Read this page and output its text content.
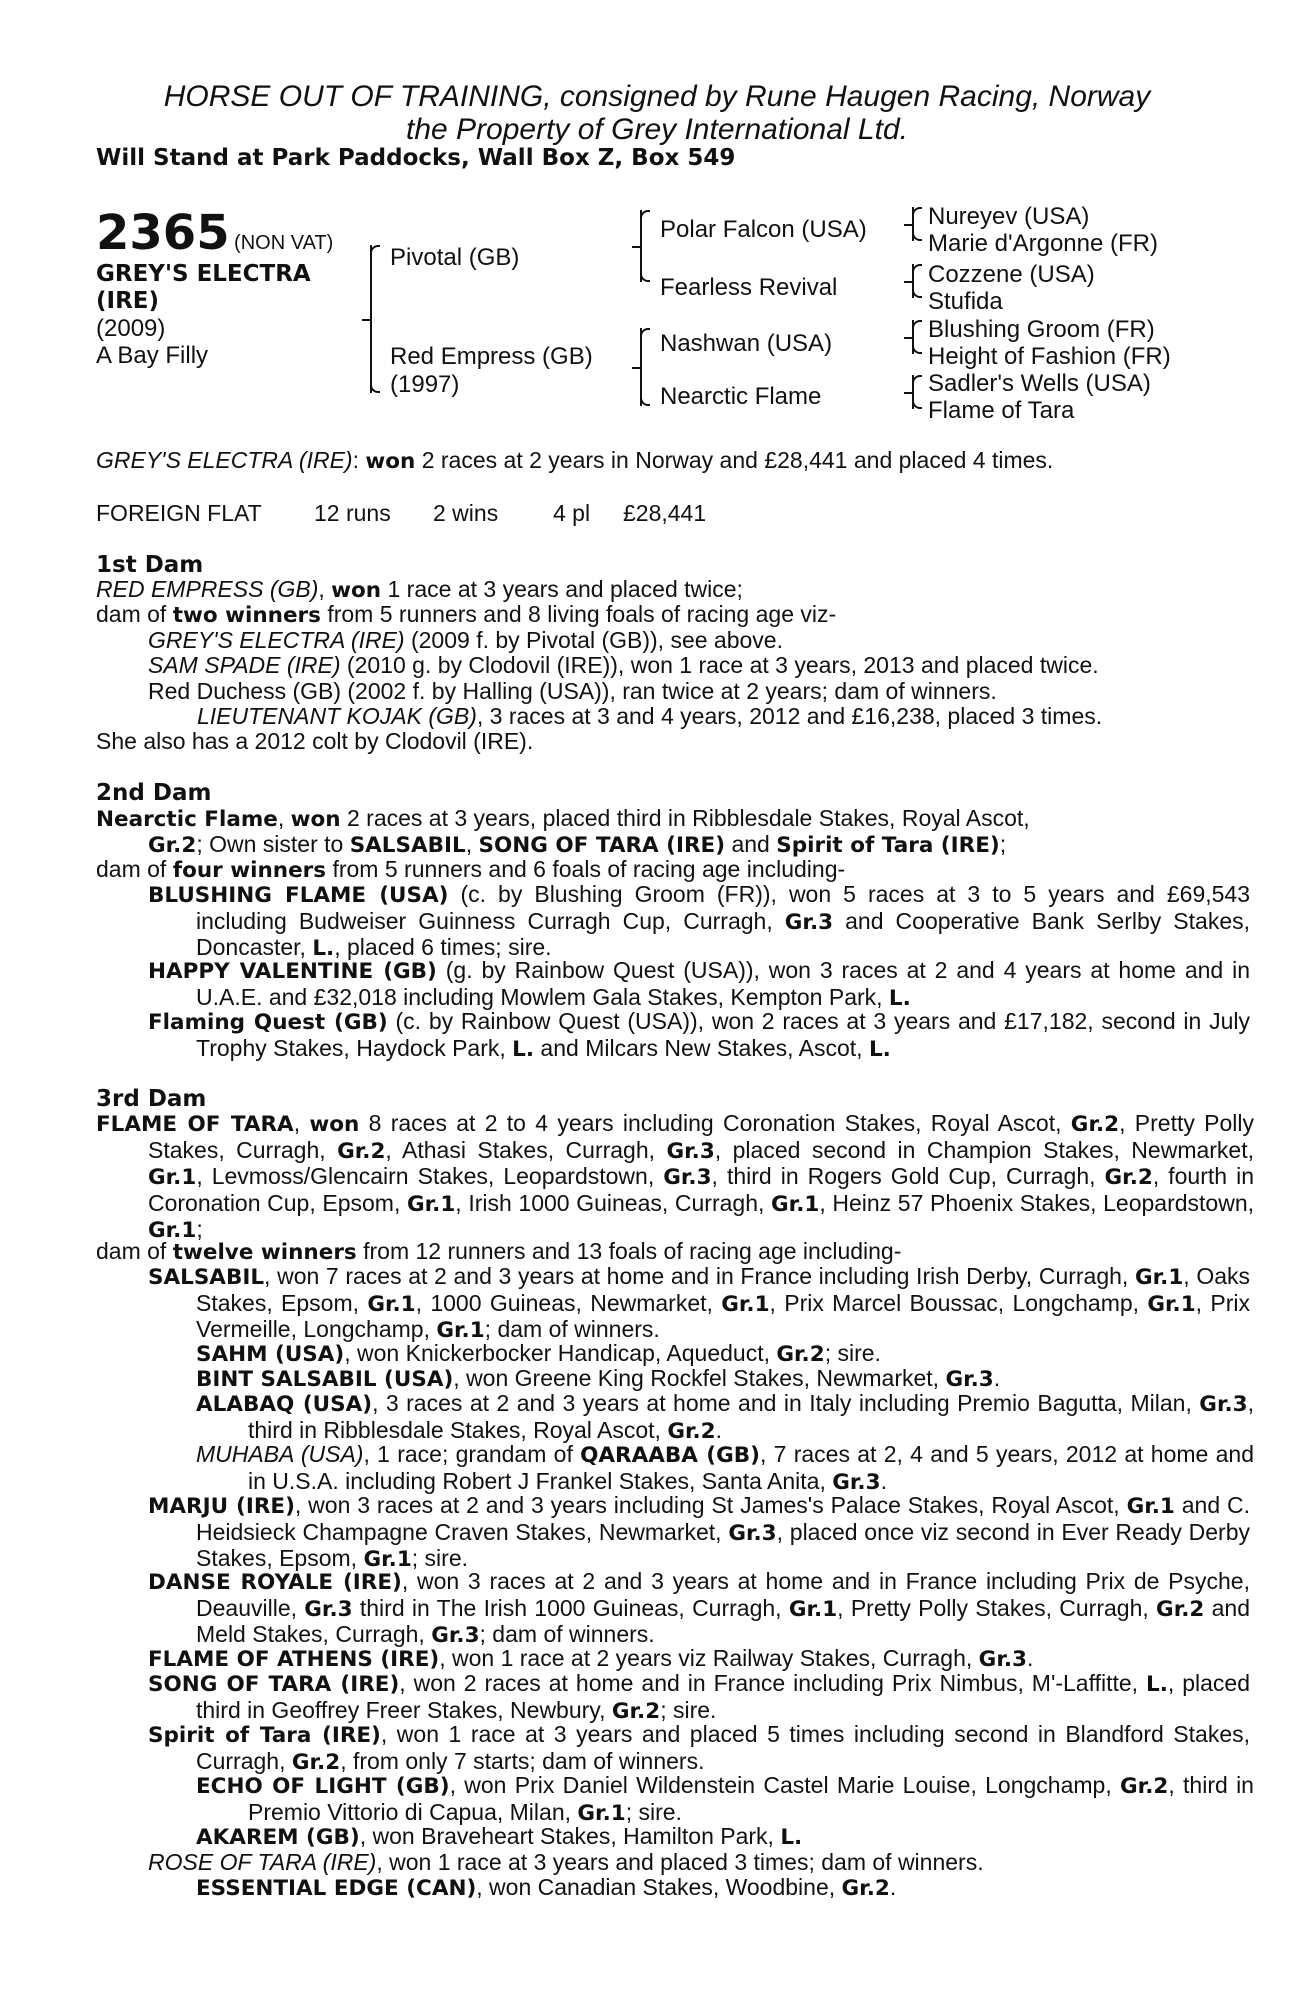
HORSE OUT OF TRAINING, consigned by Rune Haugen Racing, Norway
the Property of Grey International Ltd.
Will Stand at Park Paddocks, Wall Box Z, Box 549
2365 (NON VAT)
GREY'S ELECTRA
(IRE)
(2009)
A Bay Filly
Pivotal (GB)
Red Empress (GB)
(1997)
Polar Falcon (USA)
Fearless Revival
Nashwan (USA)
Nearctic Flame
Nureyev (USA)
Marie d'Argonne (FR)
Cozzene (USA)
Stufida
Blushing Groom (FR)
Height of Fashion (FR)
Sadler's Wells (USA)
Flame of Tara
GREY'S ELECTRA (IRE): won 2 races at 2 years in Norway and £28,441 and placed 4 times.
FOREIGN FLAT 12 runs 2 wins 4 pl £28,441
1st Dam
RED EMPRESS (GB), won 1 race at 3 years and placed twice;
dam of two winners from 5 runners and 8 living foals of racing age viz-
GREY'S ELECTRA (IRE) (2009 f. by Pivotal (GB)), see above.
SAM SPADE (IRE) (2010 g. by Clodovil (IRE)), won 1 race at 3 years, 2013 and placed twice.
Red Duchess (GB) (2002 f. by Halling (USA)), ran twice at 2 years; dam of winners.
LIEUTENANT KOJAK (GB), 3 races at 3 and 4 years, 2012 and £16,238, placed 3 times.
She also has a 2012 colt by Clodovil (IRE).
2nd Dam
Nearctic Flame, won 2 races at 3 years, placed third in Ribblesdale Stakes, Royal Ascot,
Gr.2; Own sister to SALSABIL, SONG OF TARA (IRE) and Spirit of Tara (IRE);
dam of four winners from 5 runners and 6 foals of racing age including-
BLUSHING FLAME (USA) (c. by Blushing Groom (FR)), won 5 races at 3 to 5 years and £69,543 including Budweiser Guinness Curragh Cup, Curragh, Gr.3 and Cooperative Bank Serlby Stakes, Doncaster, L., placed 6 times; sire.
HAPPY VALENTINE (GB) (g. by Rainbow Quest (USA)), won 3 races at 2 and 4 years at home and in U.A.E. and £32,018 including Mowlem Gala Stakes, Kempton Park, L.
Flaming Quest (GB) (c. by Rainbow Quest (USA)), won 2 races at 3 years and £17,182, second in July Trophy Stakes, Haydock Park, L. and Milcars New Stakes, Ascot, L.
3rd Dam
FLAME OF TARA, won 8 races at 2 to 4 years including Coronation Stakes, Royal Ascot, Gr.2, Pretty Polly Stakes, Curragh, Gr.2, Athasi Stakes, Curragh, Gr.3, placed second in Champion Stakes, Newmarket, Gr.1, Levmoss/Glencairn Stakes, Leopardstown, Gr.3, third in Rogers Gold Cup, Curragh, Gr.2, fourth in Coronation Cup, Epsom, Gr.1, Irish 1000 Guineas, Curragh, Gr.1, Heinz 57 Phoenix Stakes, Leopardstown, Gr.1;
dam of twelve winners from 12 runners and 13 foals of racing age including-
SALSABIL, won 7 races at 2 and 3 years at home and in France including Irish Derby, Curragh, Gr.1, Oaks Stakes, Epsom, Gr.1, 1000 Guineas, Newmarket, Gr.1, Prix Marcel Boussac, Longchamp, Gr.1, Prix Vermeille, Longchamp, Gr.1; dam of winners.
SAHM (USA), won Knickerbocker Handicap, Aqueduct, Gr.2; sire.
BINT SALSABIL (USA), won Greene King Rockfel Stakes, Newmarket, Gr.3.
ALABAQ (USA), 3 races at 2 and 3 years at home and in Italy including Premio Bagutta, Milan, Gr.3, third in Ribblesdale Stakes, Royal Ascot, Gr.2.
MUHABA (USA), 1 race; grandam of QARAABA (GB), 7 races at 2, 4 and 5 years, 2012 at home and in U.S.A. including Robert J Frankel Stakes, Santa Anita, Gr.3.
MARJU (IRE), won 3 races at 2 and 3 years including St James's Palace Stakes, Royal Ascot, Gr.1 and C. Heidsieck Champagne Craven Stakes, Newmarket, Gr.3, placed once viz second in Ever Ready Derby Stakes, Epsom, Gr.1; sire.
DANSE ROYALE (IRE), won 3 races at 2 and 3 years at home and in France including Prix de Psyche, Deauville, Gr.3 third in The Irish 1000 Guineas, Curragh, Gr.1, Pretty Polly Stakes, Curragh, Gr.2 and Meld Stakes, Curragh, Gr.3; dam of winners.
FLAME OF ATHENS (IRE), won 1 race at 2 years viz Railway Stakes, Curragh, Gr.3.
SONG OF TARA (IRE), won 2 races at home and in France including Prix Nimbus, M'-Laffitte, L., placed third in Geoffrey Freer Stakes, Newbury, Gr.2; sire.
Spirit of Tara (IRE), won 1 race at 3 years and placed 5 times including second in Blandford Stakes, Curragh, Gr.2, from only 7 starts; dam of winners.
ECHO OF LIGHT (GB), won Prix Daniel Wildenstein Castel Marie Louise, Longchamp, Gr.2, third in Premio Vittorio di Capua, Milan, Gr.1; sire.
AKAREM (GB), won Braveheart Stakes, Hamilton Park, L.
ROSE OF TARA (IRE), won 1 race at 3 years and placed 3 times; dam of winners.
ESSENTIAL EDGE (CAN), won Canadian Stakes, Woodbine, Gr.2.
